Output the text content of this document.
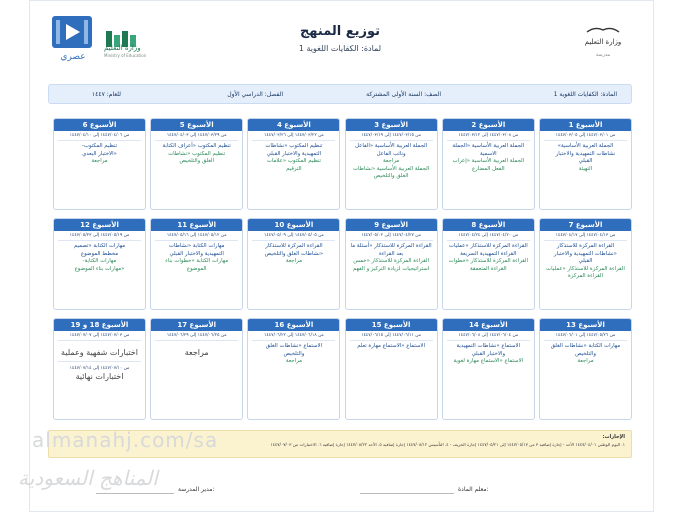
عصري
وزارة التعليم
Ministry of Education
توزيع المنهج
لمادة: الكفايات اللغوية 1
وزارة التعليم
مدرسة
المادة: الكفايات اللغوية 1
الصف: السنة الأولى المشتركة
الفصل: الدراسي الأول
للعام: ١٤٤٧
الأسبوع 1
من ١٤٤٧/٠٣/٠١ إلى ١٤٤٧/٠٣/٠٥
الجملة العربية الأساسية»
نشاطات التمهيدية والاختبار
القبلي
التهيئة
الأسبوع 2
من ١٤٤٧/٠٣/٠٨ إلى ١٤٤٧/٠٣/١٢
الجملة العربية الأساسية «الجملة
الاسمية
الجملة العربية الأساسية «إعراب
الفعل المضارع
الأسبوع 3
من ١٤٤٧/٠٣/١٥ إلى ١٤٤٧/٠٣/١٩
الجملة العربية الأساسية «الفاعل
ونائب الفاعل
مراجعة
الجملة العربية الأساسية «نشاطات
الغلق والتلخيص
الأسبوع 4
من ١٤٤٧/٠٣/٢٢ إلى ١٤٤٧/٠٣/٢٦
تنظيم المكتوب «نشاطات
التمهيدية والاختبار القبلي
تنظيم المكتوب «علامات
الترقيم
الأسبوع 5
من ١٤٤٧/٠٣/٢٩ إلى ١٤٤٧/٠٤/٠٣
تنظيم المكتوب «أعراف الكتابة
تنظيم المكتوب «نشاطات
الغلق والتلخيص
الأسبوع 6
من ١٤٤٧/٠٤/٠٦ إلى ١٤٤٧/٠٤/١٠
تنظيم المكتوب-
«الاختبار البعدي
مراجعة
الأسبوع 7
من ١٤٤٧/٠٤/١٣ إلى ١٤٤٧/٠٤/١٧
القراءة المركزة للاستذكار
«نشاطات التمهيدية والاختبار
القبلي
القراءة المركزة للاستذكار «عمليات
القراءة المركزة
الأسبوع 8
من ١٤٤٧/٠٤/٢٠ إلى ١٤٤٧/٠٤/٢٤
القراءة المركزة للاستذكار «عمليات
القراءة التمهيدية السريعة
القراءة المركزة للاستذكار «خطوات
القراءة المتعمقة
الأسبوع 9
من ١٤٤٧/٠٤/٢٧ إلى ١٤٤٧/٠٥/٠٢
القراءة المركزة للاستذكار «أسئلة ما
بعد القراءة
القراءة المركزة للاستذكار «خمس
استراتيجيات لزيادة التركيز و الفهم
الأسبوع 10
من ١٤٤٧/٠٥/٠٥ إلى ١٤٤٧/٠٥/٠٩
القراءة المركزة للاستذكار
«نشاطات الغلق والتلخيص
مراجعة
الأسبوع 11
من ١٤٤٧/٠٥/١٢ إلى ١٤٤٧/٠٥/١٦
مهارات الكتابة «نشاطات
التمهيدية والاختبار القبلي
مهارات الكتابة «خطوات بناء
الموضوع
الأسبوع 12
من ١٤٤٧/٠٥/١٩ إلى ١٤٤٧/٠٥/٢٣
مهارات الكتابة «تصميم
مخطط الموضوع
مهارات الكتابة-
«مهارات بناء الموضوع
الأسبوع 13
من ١٤٤٧/٠٥/٢٦ إلى ١٤٤٧/٠٦/٠١
مهارات الكتابة «نشاطات الغلق
والتلخيص
مراجعة
الأسبوع 14
من ١٤٤٧/٠٦/٠٤ إلى ١٤٤٧/٠٦/٠٨
الاستماع «نشاطات التمهيدية
والاختبار القبلي
الاستماع «الاستماع مهارة لغوية
الأسبوع 15
من ١٤٤٧/٠٦/١١ إلى ١٤٤٧/٠٦/١٥
الاستماع «الاستماع مهارة تعلم
الأسبوع 16
من ١٤٤٧/٠٦/١٨ إلى ١٤٤٧/٠٦/٢٢
الاستماع «نشاطات الغلق
والتلخيص
مراجعة
الأسبوع 17
من ١٤٤٧/٠٦/٢٥ إلى ١٤٤٧/٠٦/٢٩
مراجعة
الأسبوع 18 و 19
من ١٤٤٧/٠٧/٠٣ إلى ١٤٤٧/٠٧/٠٧
اختبارات شفهية وعملية
من ١٤٤٧/٠٧/١٠ إلى ١٤٤٧/٠٧/١٤
اختبارات نهائية
الإجازات:
١. اليوم الوطني ١٤٤٧/٠٤/٠١ الأحد - إجازة إضافية ٣ من ١٤٤٧/٠٥/١٧ إلى ١٤٤٧/٠٥/٢١ إجازة الخريف - ٤. التأسيس ١٤٤٧/٠٨/١٢ إجازة إضافية ٥. الأحد ١٤٤٧/٠٨/٢٢ إجازة إضافية ٦. الاختبارات من ١٤٤٧/٠٧/٠٣
معلم المادة:
مدير المدرسة:
almanahj.com/sa
المناهج السعودية
